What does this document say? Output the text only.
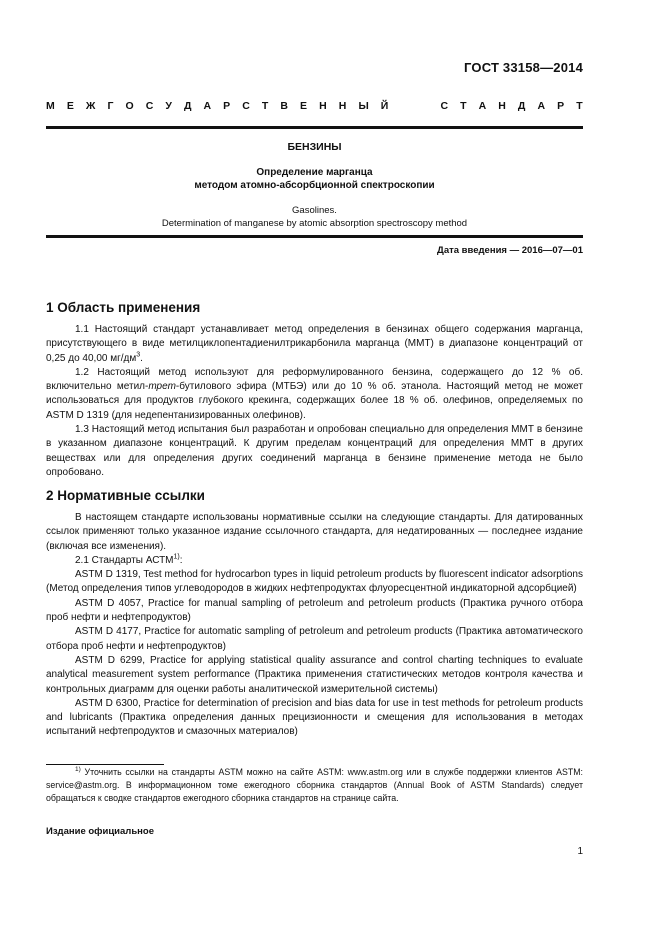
ГОСТ 33158—2014
М Е Ж Г О С У Д А Р С Т В Е Н Н Ы Й	С Т А Н Д А Р Т
БЕНЗИНЫ
Определение марганца
методом атомно-абсорбционной спектроскопии
Gasolines.
Determination of manganese by atomic absorption spectroscopy method
Дата введения — 2016—07—01
1 Область применения

1.1 Настоящий стандарт устанавливает метод определения в бензинах общего содержания марганца, присутствующего в виде метилциклопентадиенилтрикарбонила марганца (ММТ) в диапазоне концентраций от 0,25 до 40,00 $мг/дм^3$.

1.2 Настоящий метод используют для реформулированного бензина, содержащего до 12 % об. включительно метил-трет-бутилового эфира (МТБЭ) или до 10 % об. этанола. Настоящий метод не может использоваться для продуктов глубокого крекинга, содержащих более 18 % об. олефинов, определяемых по ASTM D 1319 (для недепентанизированных олефинов).

1.3 Настоящий метод испытания был разработан и опробован специально для определения ММТ в бензине в указанном диапазоне концентраций. К другим пределам концентраций для определения ММТ в других веществах или для определения других соединений марганца в бензине применение метода не было опробовано.

2 Нормативные ссылки

В настоящем стандарте использованы нормативные ссылки на следующие стандарты. Для датированных ссылок применяют только указанное издание ссылочного стандарта, для недатированных — последнее издание (включая все изменения).

2.1 Стандарты АСТМ$^{1)}$:

ASTM D 1319, Test method for hydrocarbon types in liquid petroleum products by fluorescent indicator adsorptions (Метод определения типов углеводородов в жидких нефтепродуктах флуоресцентной индикаторной адсорбцией)

ASTM D 4057, Practice for manual sampling of petroleum and petroleum products (Практика ручного отбора проб нефти и нефтепродуктов)

ASTM D 4177, Practice for automatic sampling of petroleum and petroleum products (Практика автоматического отбора проб нефти и нефтепродуктов)

ASTM D 6299, Practice for applying statistical quality assurance and control charting techniques to evaluate analytical measurement system performance (Практика применения статистических методов контроля качества и контрольных диаграмм для оценки работы аналитической измерительной системы)

ASTM D 6300, Practice for determination of precision and bias data for use in test methods for petroleum products and lubricants (Практика определения данных прецизионности и смещения для использования в методах испытаний нефтепродуктов и смазочных материалов)

$^{1)}$ Уточнить ссылки на стандарты ASTM можно на сайте ASTM: www.astm.org или в службе поддержки клиентов ASTM: service@astm.org. В информационном томе ежегодного сборника стандартов (Annual Book of ASTM Standards) следует обращаться к сводке стандартов ежегодного сборника стандартов на странице сайта.

Издание официальное
1
